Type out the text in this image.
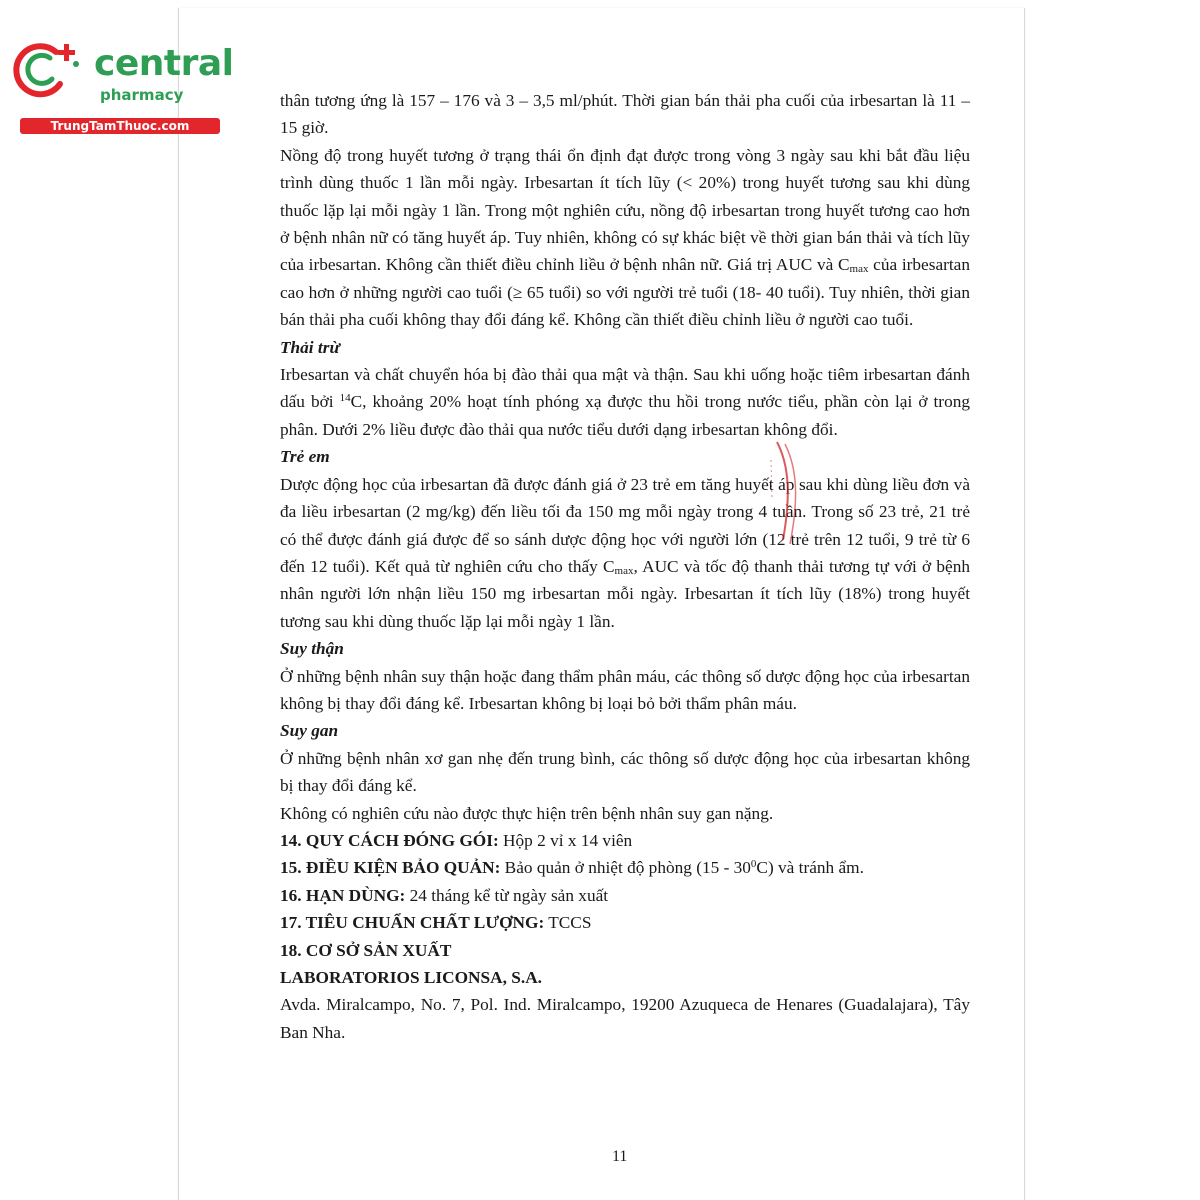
central
pharmacy
TrungTamThuoc.com

thân tương ứng là 157 – 176 và 3 – 3,5 ml/phút. Thời gian bán thải pha cuối của irbesartan là 11 – 15 giờ.

Nồng độ trong huyết tương ở trạng thái ổn định đạt được trong vòng 3 ngày sau khi bắt đầu liệu trình dùng thuốc 1 lần mỗi ngày. Irbesartan ít tích lũy (< 20%) trong huyết tương sau khi dùng thuốc lặp lại mỗi ngày 1 lần. Trong một nghiên cứu, nồng độ irbesartan trong huyết tương cao hơn ở bệnh nhân nữ có tăng huyết áp. Tuy nhiên, không có sự khác biệt về thời gian bán thải và tích lũy của irbesartan. Không cần thiết điều chỉnh liều ở bệnh nhân nữ. Giá trị AUC và $C_{max}$ của irbesartan cao hơn ở những người cao tuổi (≥ 65 tuổi) so với người trẻ tuổi (18- 40 tuổi). Tuy nhiên, thời gian bán thải pha cuối không thay đổi đáng kể. Không cần thiết điều chỉnh liều ở người cao tuổi.

Thải trừ

Irbesartan và chất chuyển hóa bị đào thải qua mật và thận. Sau khi uống hoặc tiêm irbesartan đánh dấu bởi $^{14}$C, khoảng 20% hoạt tính phóng xạ được thu hồi trong nước tiểu, phần còn lại ở trong phân. Dưới 2% liều được đào thải qua nước tiểu dưới dạng irbesartan không đổi.

Trẻ em

Dược động học của irbesartan đã được đánh giá ở 23 trẻ em tăng huyết áp sau khi dùng liều đơn và đa liều irbesartan (2 mg/kg) đến liều tối đa 150 mg mỗi ngày trong 4 tuần. Trong số 23 trẻ, 21 trẻ có thể được đánh giá được để so sánh dược động học với người lớn (12 trẻ trên 12 tuổi, 9 trẻ từ 6 đến 12 tuổi). Kết quả từ nghiên cứu cho thấy $C_{max}$, AUC và tốc độ thanh thải tương tự với ở bệnh nhân người lớn nhận liều 150 mg irbesartan mỗi ngày. Irbesartan ít tích lũy (18%) trong huyết tương sau khi dùng thuốc lặp lại mỗi ngày 1 lần.

Suy thận

Ở những bệnh nhân suy thận hoặc đang thẩm phân máu, các thông số dược động học của irbesartan không bị thay đổi đáng kể. Irbesartan không bị loại bỏ bởi thẩm phân máu.

Suy gan

Ở những bệnh nhân xơ gan nhẹ đến trung bình, các thông số dược động học của irbesartan không bị thay đổi đáng kể.

Không có nghiên cứu nào được thực hiện trên bệnh nhân suy gan nặng.

14. QUY CÁCH ĐÓNG GÓI: Hộp 2 vỉ x 14 viên

15. ĐIỀU KIỆN BẢO QUẢN: Bảo quản ở nhiệt độ phòng $(15 - 30^0C)$ và tránh ẩm.

16. HẠN DÙNG: 24 tháng kể từ ngày sản xuất

17. TIÊU CHUẨN CHẤT LƯỢNG: TCCS

18. CƠ SỞ SẢN XUẤT

LABORATORIOS LICONSA, S.A.

Avda. Miralcampo, No. 7, Pol. Ind. Miralcampo, 19200 Azuqueca de Henares (Guadalajara), Tây Ban Nha.

11
